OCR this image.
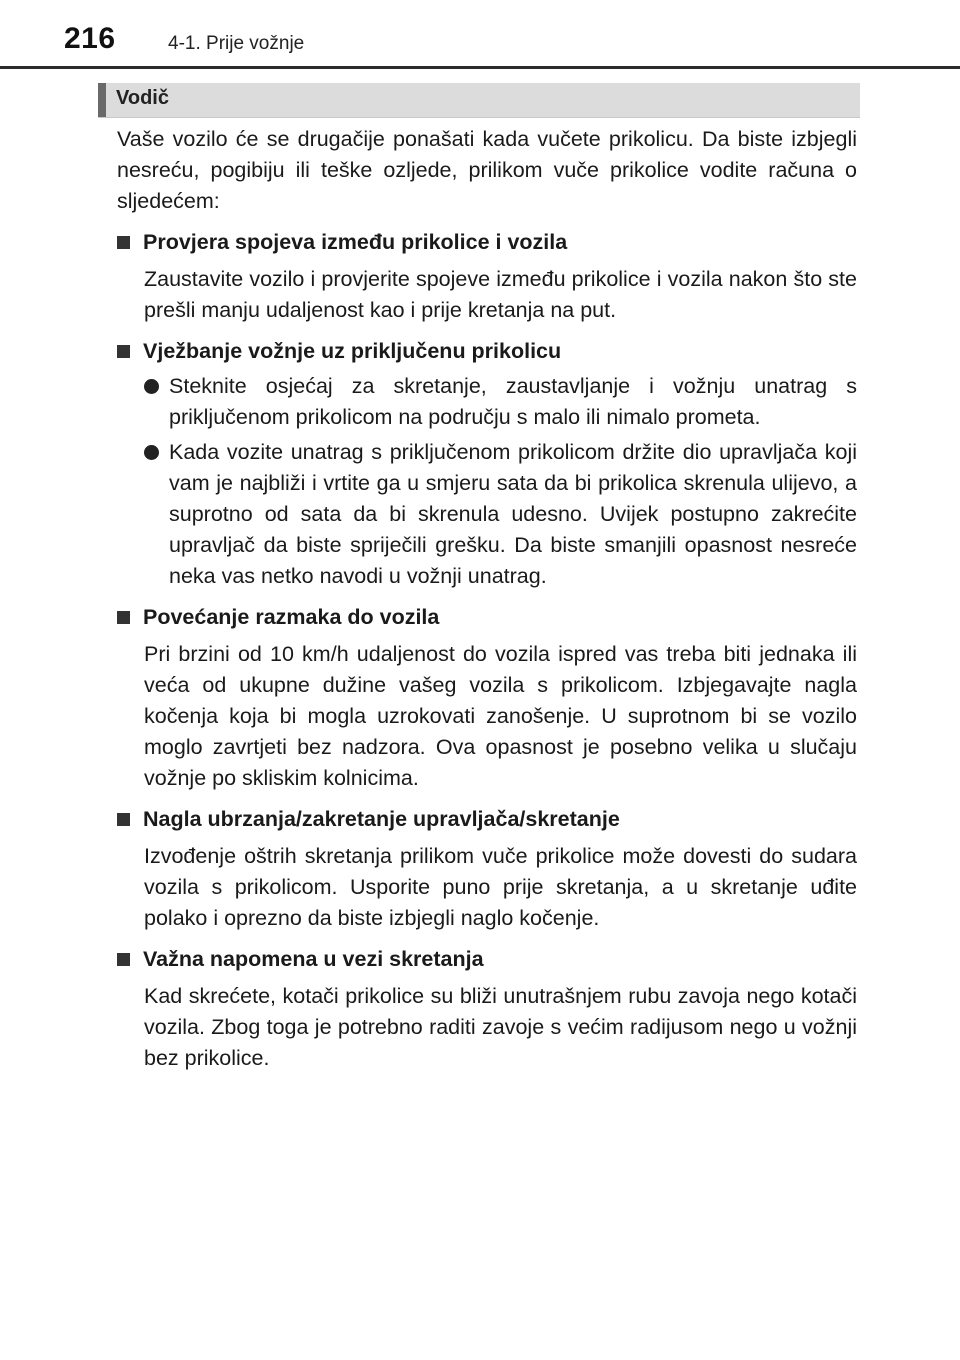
216	4-1. Prije vožnje
Vodič

Vaše vozilo će se drugačije ponašati kada vučete prikolicu. Da biste izbjegli nesreću, pogibiju ili teške ozljede, prilikom vuče prikolice vodite računa o sljedećem:

Provjera spojeva između prikolice i vozila

Zaustavite vozilo i provjerite spojeve između prikolice i vozila nakon što ste prešli manju udaljenost kao i prije kretanja na put.

Vježbanje vožnje uz priključenu prikolicu
Steknite osjećaj za skretanje, zaustavljanje i vožnju unatrag s priključenom prikolicom na području s malo ili nimalo prometa.
Kada vozite unatrag s priključenom prikolicom držite dio upravljača koji vam je najbliži i vrtite ga u smjeru sata da bi prikolica skrenula ulijevo, a suprotno od sata da bi skrenula udesno. Uvijek postupno zakrećite upravljač da biste spriječili grešku. Da biste smanjili opasnost nesreće neka vas netko navodi u vožnji unatrag.
Povećanje razmaka do vozila

Pri brzini od 10 km/h udaljenost do vozila ispred vas treba biti jednaka ili veća od ukupne dužine vašeg vozila s prikolicom. Izbjegavajte nagla kočenja koja bi mogla uzrokovati zanošenje. U suprotnom bi se vozilo moglo zavrtjeti bez nadzora. Ova opasnost je posebno velika u slučaju vožnje po skliskim kolnicima.

Nagla ubrzanja/zakretanje upravljača/skretanje

Izvođenje oštrih skretanja prilikom vuče prikolice može dovesti do sudara vozila s prikolicom. Usporite puno prije skretanja, a u skretanje uđite polako i oprezno da biste izbjegli naglo kočenje.

Važna napomena u vezi skretanja

Kad skrećete, kotači prikolice su bliži unutrašnjem rubu zavoja nego kotači vozila. Zbog toga je potrebno raditi zavoje s većim radijusom nego u vožnji bez prikolice.
